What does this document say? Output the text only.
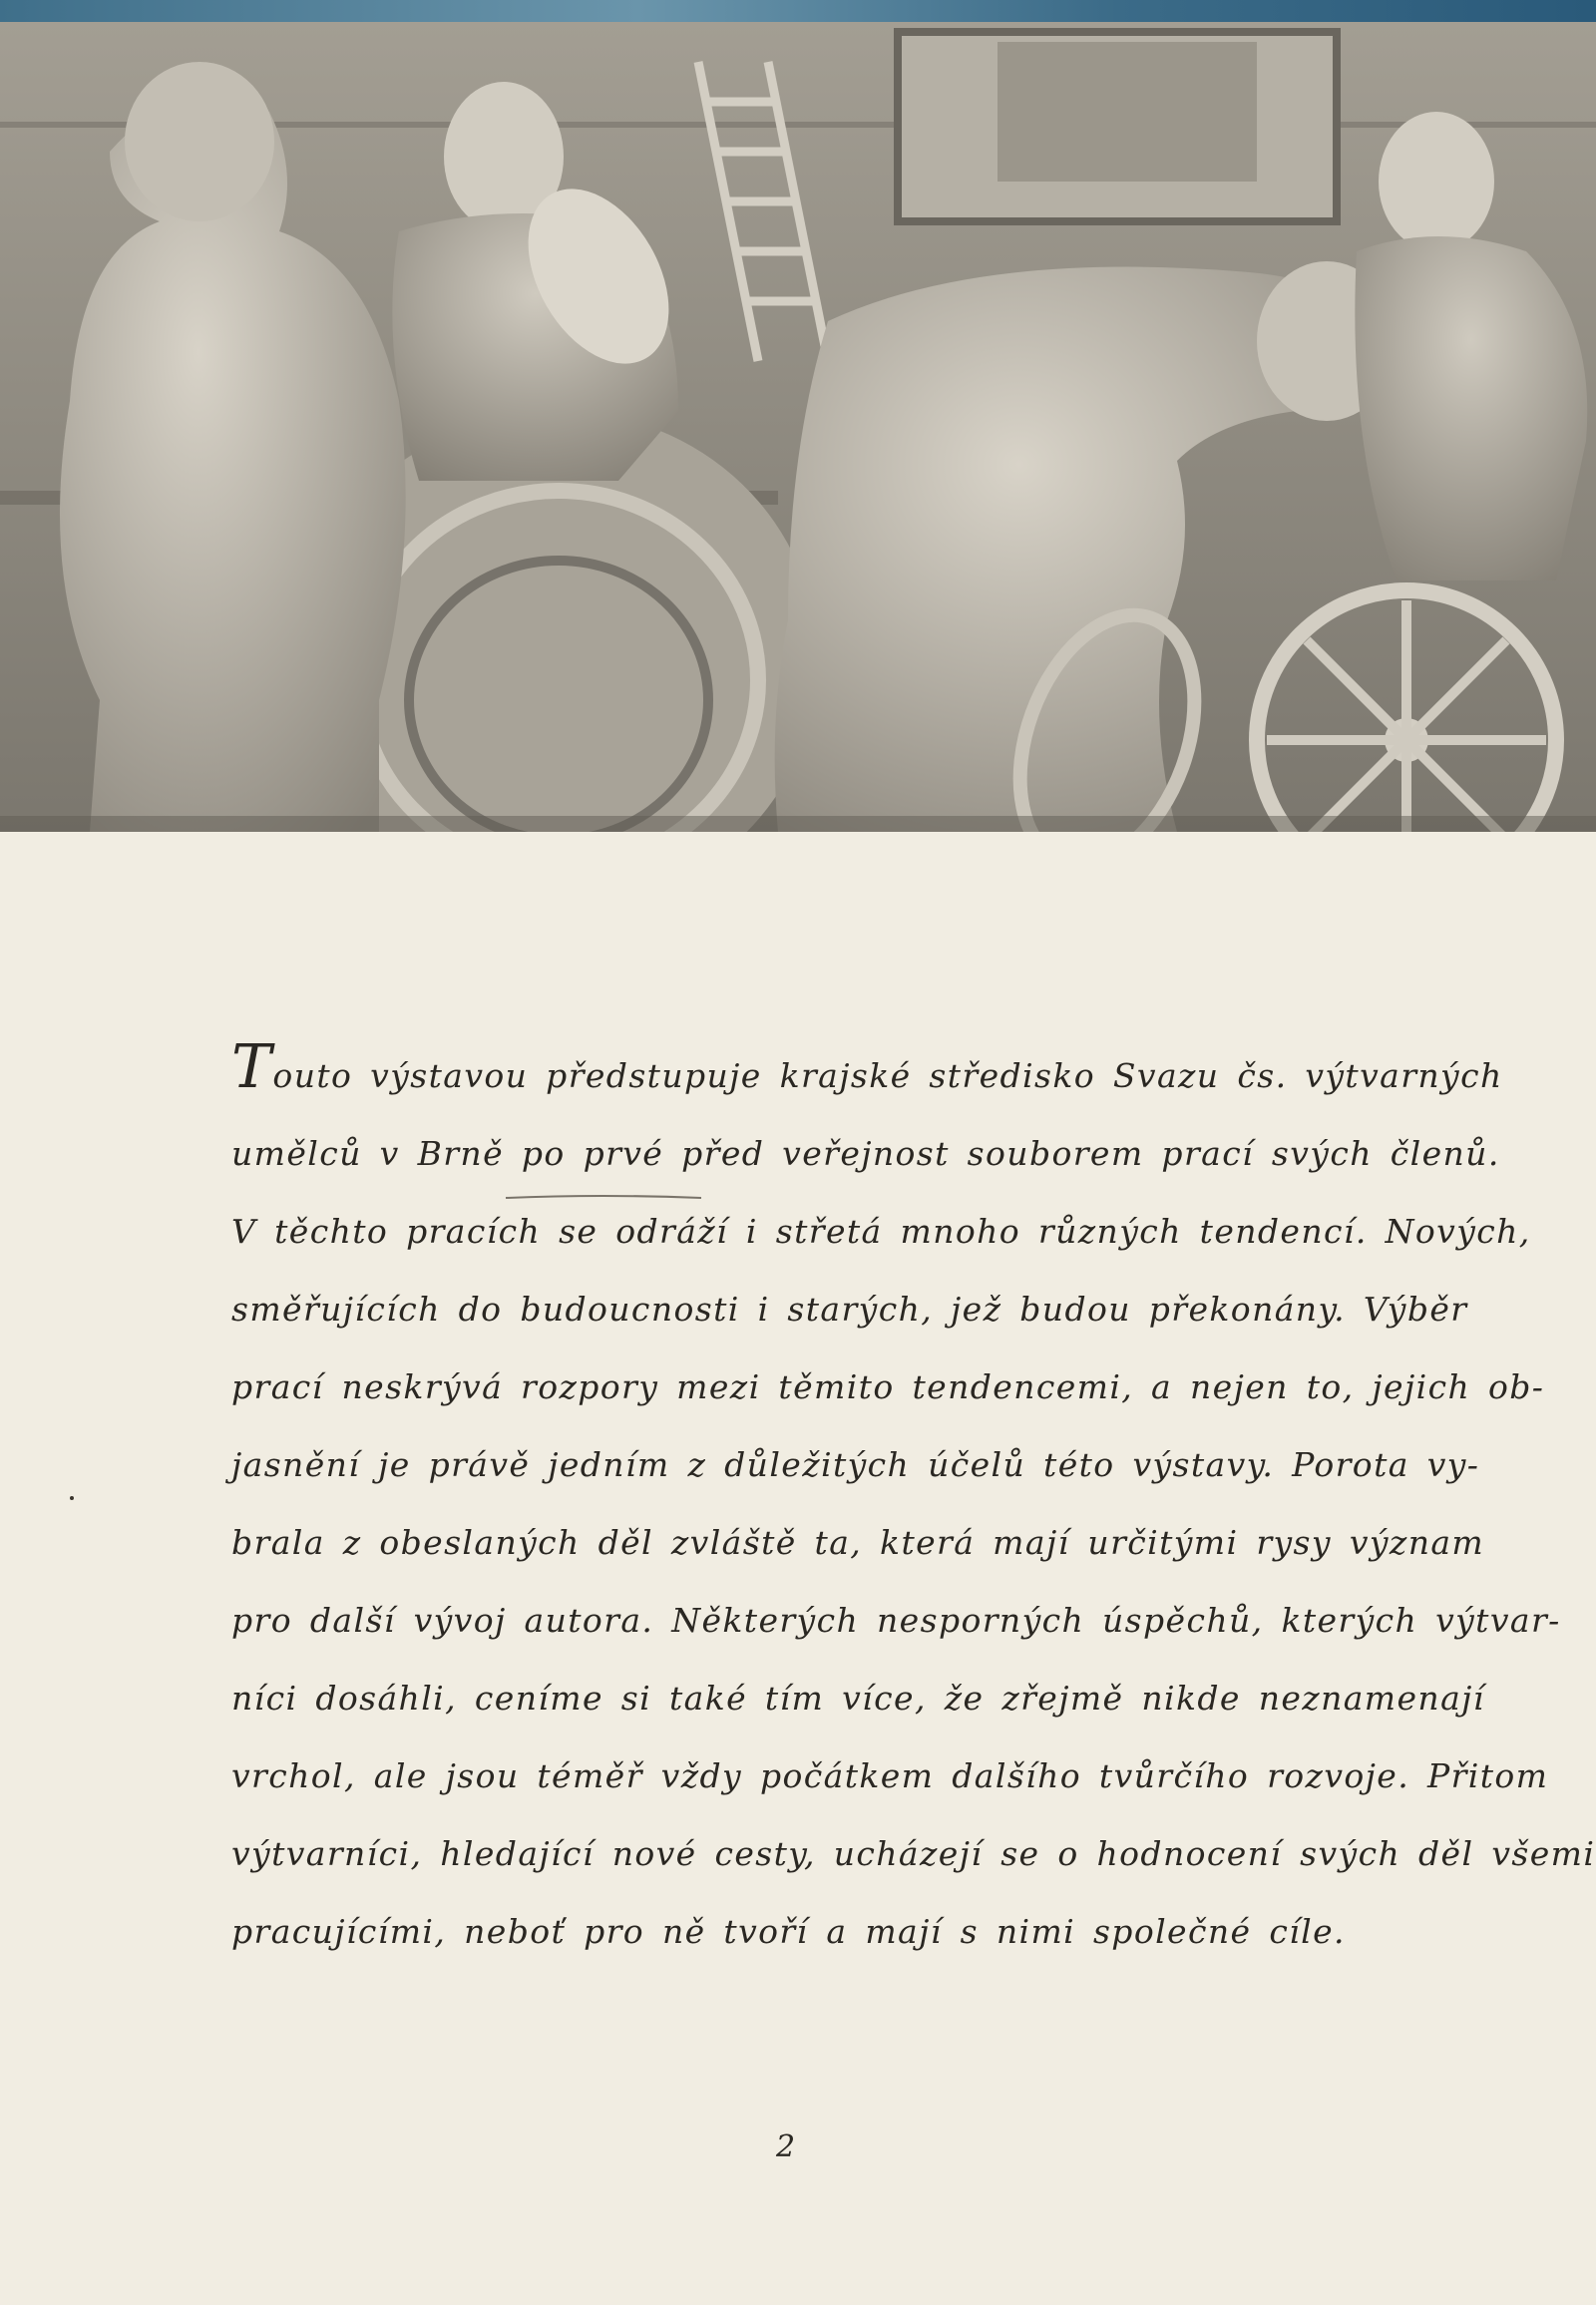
Touto výstavou předstupuje krajské středisko Svazu čs. výtvarných
umělců v Brně po prvé před veřejnost souborem prací svých členů.
V těchto pracích se odráží i střetá mnoho různých tendencí. Nových,
směřujících do budoucnosti i starých, jež budou překonány. Výběr
prací neskrývá rozpory mezi těmito tendencemi, a nejen to, jejich ob-
jasnění je právě jedním z důležitých účelů této výstavy. Porota vy-
brala z obeslaných děl zvláště ta, která mají určitými rysy význam
pro další vývoj autora. Některých nesporných úspěchů, kterých výtvar-
níci dosáhli, ceníme si také tím více, že zřejmě nikde neznamenají
vrchol, ale jsou téměř vždy počátkem dalšího tvůrčího rozvoje. Přitom
výtvarníci, hledající nové cesty, ucházejí se o hodnocení svých děl všemi
pracujícími, neboť pro ně tvoří a mají s nimi společné cíle.
2
